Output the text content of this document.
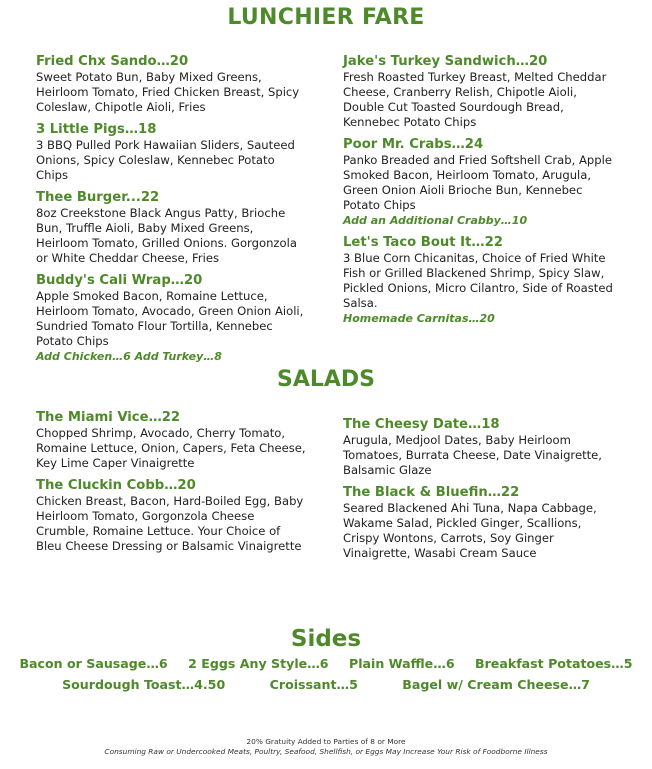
LUNCHIER FARE
Fried Chx Sando…20
Sweet Potato Bun, Baby Mixed Greens, Heirloom Tomato, Fried Chicken Breast, Spicy Coleslaw, Chipotle Aioli, Fries
3 Little Pigs…18
3 BBQ Pulled Pork Hawaiian Sliders, Sauteed Onions, Spicy Coleslaw, Kennebec Potato Chips
Thee Burger...22
8oz Creekstone Black Angus Patty, Brioche Bun, Truffle Aioli, Baby Mixed Greens, Heirloom Tomato, Grilled Onions. Gorgonzola or White Cheddar Cheese, Fries
Buddy's Cali Wrap…20
Apple Smoked Bacon, Romaine Lettuce, Heirloom Tomato, Avocado, Green Onion Aioli, Sundried Tomato Flour Tortilla, Kennebec Potato Chips
Add Chicken…6 Add Turkey…8
Jake's Turkey Sandwich…20
Fresh Roasted Turkey Breast, Melted Cheddar Cheese, Cranberry Relish, Chipotle Aioli, Double Cut Toasted Sourdough Bread, Kennebec Potato Chips
Poor Mr. Crabs…24
Panko Breaded and Fried Softshell Crab, Apple Smoked Bacon, Heirloom Tomato, Arugula, Green Onion Aioli Brioche Bun, Kennebec Potato Chips
Add an Additional Crabby…10
Let's Taco Bout It…22
3 Blue Corn Chicanitas, Choice of Fried White Fish or Grilled Blackened Shrimp, Spicy Slaw, Pickled Onions, Micro Cilantro, Side of Roasted Salsa.
Homemade Carnitas…20
SALADS
The Miami Vice…22
Chopped Shrimp, Avocado, Cherry Tomato, Romaine Lettuce, Onion, Capers, Feta Cheese, Key Lime Caper Vinaigrette
The Cluckin Cobb…20
Chicken Breast, Bacon, Hard-Boiled Egg, Baby Heirloom Tomato, Gorgonzola Cheese Crumble, Romaine Lettuce. Your Choice of Bleu Cheese Dressing or Balsamic Vinaigrette
The Cheesy Date…18
Arugula, Medjool Dates, Baby Heirloom Tomatoes, Burrata Cheese, Date Vinaigrette, Balsamic Glaze
The Black & Bluefin…22
Seared Blackened Ahi Tuna, Napa Cabbage, Wakame Salad, Pickled Ginger, Scallions, Crispy Wontons, Carrots, Soy Ginger Vinaigrette, Wasabi Cream Sauce
Sides
Bacon or Sausage…6 2 Eggs Any Style…6 Plain Waffle…6 Breakfast Potatoes…5
Sourdough Toast…4.50	Croissant…5	Bagel w/ Cream Cheese…7
20% Gratuity Added to Parties of 8 or More
Consuming Raw or Undercooked Meats, Poultry, Seafood, Shellfish, or Eggs May Increase Your Risk of Foodborne Illness
